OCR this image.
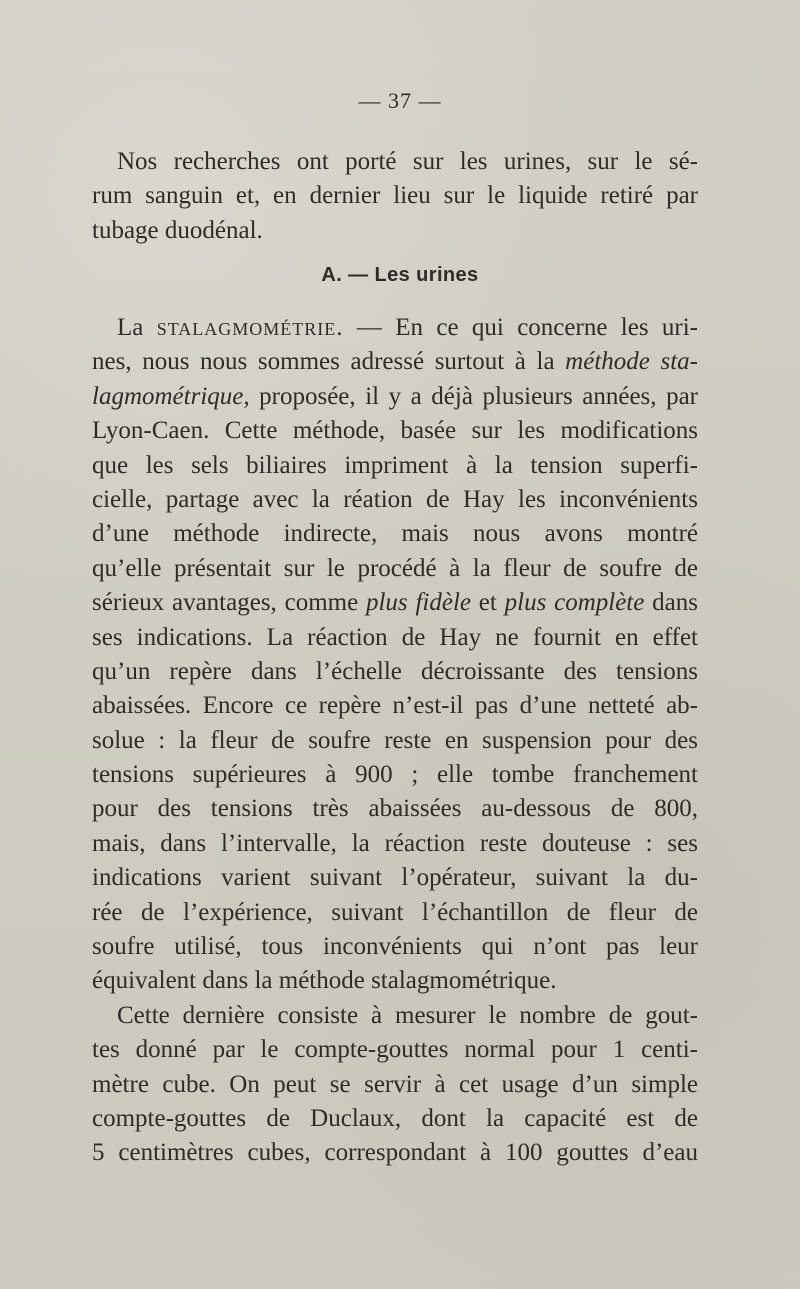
— 37 —
Nos recherches ont porté sur les urines, sur le sé-
rum sanguin et, en dernier lieu sur le liquide retiré par
tubage duodénal.
A. — Les urines
La stalagmométrie. — En ce qui concerne les uri-
nes, nous nous sommes adressé surtout à la méthode sta-
lagmométrique, proposée, il y a déjà plusieurs années, par
Lyon-Caen. Cette méthode, basée sur les modifications
que les sels biliaires impriment à la tension superfi-
cielle, partage avec la réation de Hay les inconvénients
d’une méthode indirecte, mais nous avons montré
qu’elle présentait sur le procédé à la fleur de soufre de
sérieux avantages, comme plus fidèle et plus complète dans
ses indications. La réaction de Hay ne fournit en effet
qu’un repère dans l’échelle décroissante des tensions
abaissées. Encore ce repère n’est-il pas d’une netteté ab-
solue : la fleur de soufre reste en suspension pour des
tensions supérieures à 900 ; elle tombe franchement
pour des tensions très abaissées au-dessous de 800,
mais, dans l’intervalle, la réaction reste douteuse : ses
indications varient suivant l’opérateur, suivant la du-
rée de l’expérience, suivant l’échantillon de fleur de
soufre utilisé, tous inconvénients qui n’ont pas leur
équivalent dans la méthode stalagmométrique.
Cette dernière consiste à mesurer le nombre de gout-
tes donné par le compte-gouttes normal pour 1 centi-
mètre cube. On peut se servir à cet usage d’un simple
compte-gouttes de Duclaux, dont la capacité est de
5 centimètres cubes, correspondant à 100 gouttes d’eau
